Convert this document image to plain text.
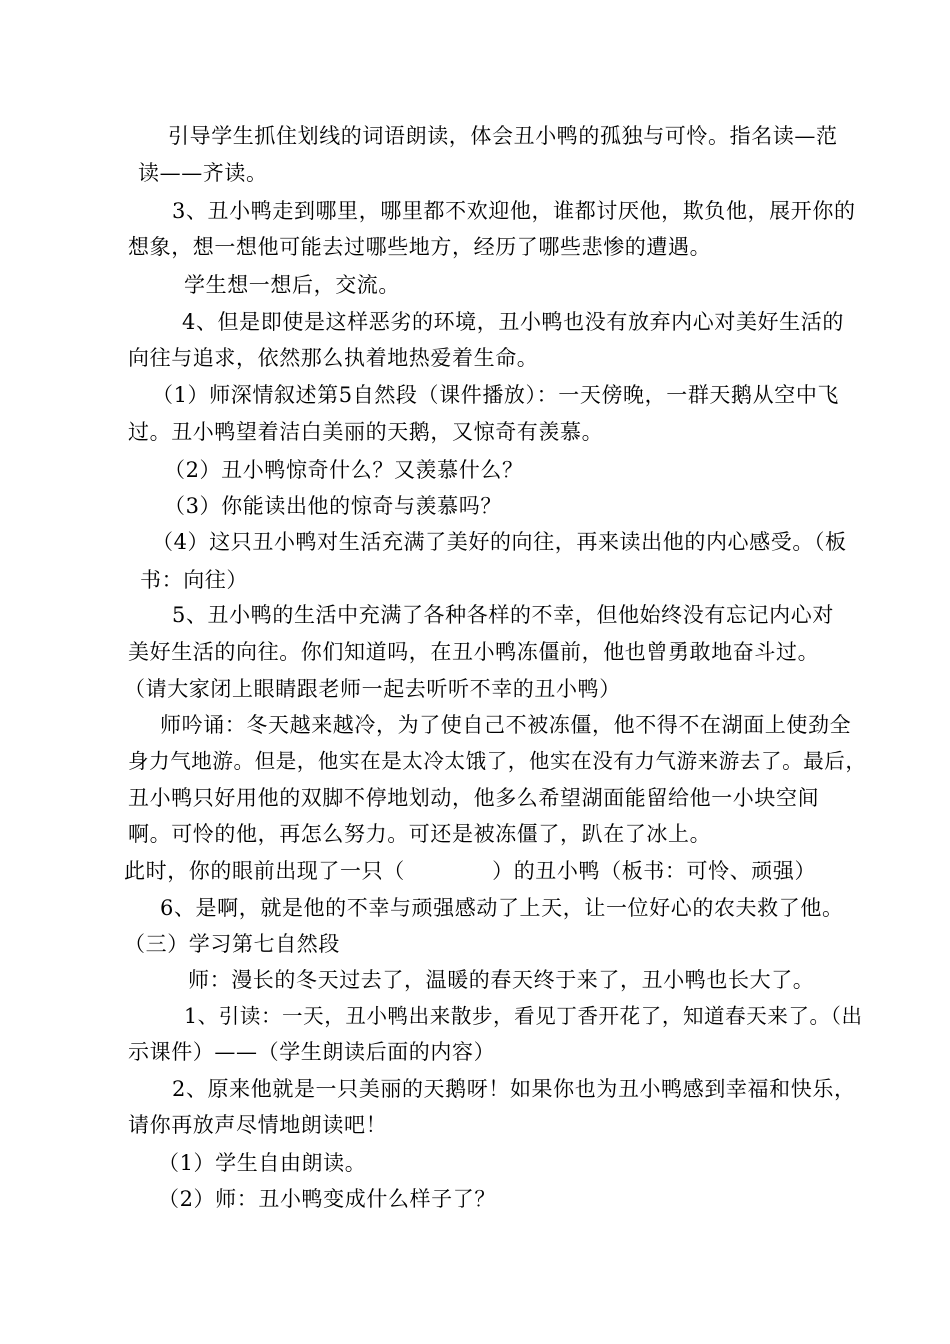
引导学生抓住划线的词语朗读，体会丑小鸭的孤独与可怜。指名读—范
读——齐读。
3、丑小鸭走到哪里，哪里都不欢迎他，谁都讨厌他，欺负他，展开你的
想象，想一想他可能去过哪些地方，经历了哪些悲惨的遭遇。
学生想一想后，交流。
4、但是即使是这样恶劣的环境，丑小鸭也没有放弃内心对美好生活的
向往与追求，依然那么执着地热爱着生命。
（1）师深情叙述第5自然段（课件播放）：一天傍晚，一群天鹅从空中飞
过。丑小鸭望着洁白美丽的天鹅，又惊奇有羡慕。
（2）丑小鸭惊奇什么？又羡慕什么？
（3）你能读出他的惊奇与羡慕吗？
（4）这只丑小鸭对生活充满了美好的向往，再来读出他的内心感受。（板
书：向往）
5、丑小鸭的生活中充满了各种各样的不幸，但他始终没有忘记内心对
美好生活的向往。你们知道吗，在丑小鸭冻僵前，他也曾勇敢地奋斗过。
（请大家闭上眼睛跟老师一起去听听不幸的丑小鸭）
师吟诵：冬天越来越冷，为了使自己不被冻僵，他不得不在湖面上使劲全
身力气地游。但是，他实在是太冷太饿了，他实在没有力气游来游去了。最后，
丑小鸭只好用他的双脚不停地划动，他多么希望湖面能留给他一小块空间
啊。可怜的他，再怎么努力。可还是被冻僵了，趴在了冰上。
此时，你的眼前出现了一只（            ）的丑小鸭（板书：可怜、顽强）
6、是啊，就是他的不幸与顽强感动了上天，让一位好心的农夫救了他。
（三）学习第七自然段
师：漫长的冬天过去了，温暖的春天终于来了，丑小鸭也长大了。
1、引读：一天，丑小鸭出来散步，看见丁香开花了，知道春天来了。（出
示课件）——（学生朗读后面的内容）
2、原来他就是一只美丽的天鹅呀！如果你也为丑小鸭感到幸福和快乐，
请你再放声尽情地朗读吧！
（1）学生自由朗读。
（2）师：丑小鸭变成什么样子了？
